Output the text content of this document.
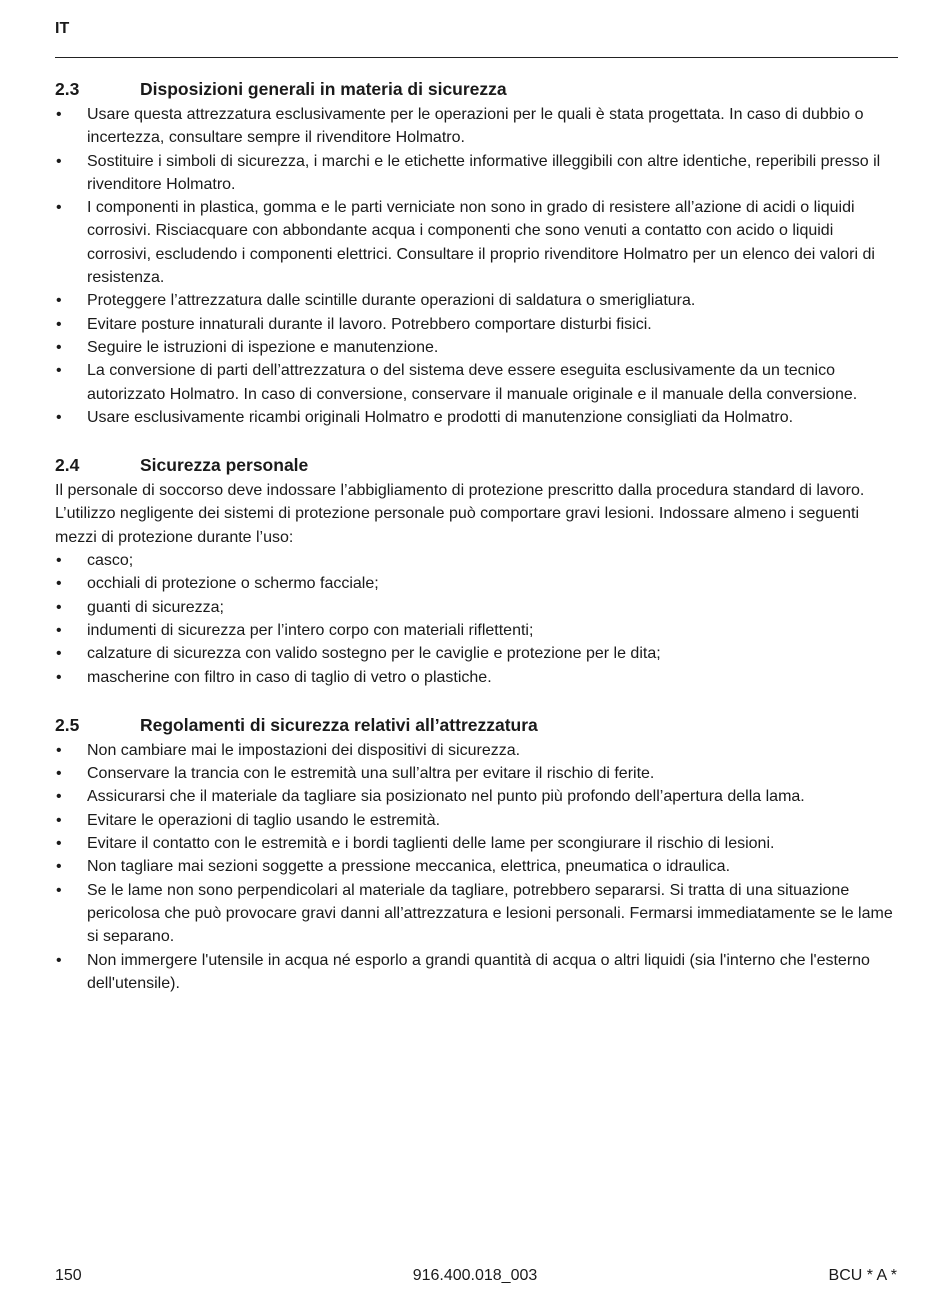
IT
2.3	Disposizioni generali in materia di sicurezza
• Usare questa attrezzatura esclusivamente per le operazioni per le quali è stata progettata. In caso di dubbio o incertezza, consultare sempre il rivenditore Holmatro.
• Sostituire i simboli di sicurezza, i marchi e le etichette informative illeggibili con altre identiche, reperibili presso il rivenditore Holmatro.
• I componenti in plastica, gomma e le parti verniciate non sono in grado di resistere all’azione di acidi o liquidi corrosivi. Risciacquare con abbondante acqua i componenti che sono venuti a contatto con acido o liquidi corrosivi, escludendo i componenti elettrici. Consultare il proprio rivenditore Holmatro per un elenco dei valori di resistenza.
• Proteggere l’attrezzatura dalle scintille durante operazioni di saldatura o smerigliatura.
• Evitare posture innaturali durante il lavoro. Potrebbero comportare disturbi fisici.
• Seguire le istruzioni di ispezione e manutenzione.
• La conversione di parti dell’attrezzatura o del sistema deve essere eseguita esclusivamente da un tecnico autorizzato Holmatro. In caso di conversione, conservare il manuale originale e il manuale della conversione.
• Usare esclusivamente ricambi originali Holmatro e prodotti di manutenzione consigliati da Holmatro.
2.4	Sicurezza personale

Il personale di soccorso deve indossare l’abbigliamento di protezione prescritto dalla procedura standard di lavoro. L’utilizzo negligente dei sistemi di protezione personale può comportare gravi lesioni. Indossare almeno i seguenti mezzi di protezione durante l’uso:

• casco;
• occhiali di protezione o schermo facciale;
• guanti di sicurezza;
• indumenti di sicurezza per l’intero corpo con materiali riflettenti;
• calzature di sicurezza con valido sostegno per le caviglie e protezione per le dita;
• mascherine con filtro in caso di taglio di vetro o plastiche.
2.5	Regolamenti di sicurezza relativi all’attrezzatura
• Non cambiare mai le impostazioni dei dispositivi di sicurezza.
• Conservare la trancia con le estremità una sull’altra per evitare il rischio di ferite.
• Assicurarsi che il materiale da tagliare sia posizionato nel punto più profondo dell’apertura della lama.
• Evitare le operazioni di taglio usando le estremità.
• Evitare il contatto con le estremità e i bordi taglienti delle lame per scongiurare il rischio di lesioni.
• Non tagliare mai sezioni soggette a pressione meccanica, elettrica, pneumatica o idraulica.
• Se le lame non sono perpendicolari al materiale da tagliare, potrebbero separarsi. Si tratta di una situazione pericolosa che può provocare gravi danni all’attrezzatura e lesioni personali. Fermarsi immediatamente se le lame si separano.
• Non immergere l'utensile in acqua né esporlo a grandi quantità di acqua o altri liquidi (sia l'interno che l'esterno dell'utensile).
916.400.018_003
150	BCU * A *
